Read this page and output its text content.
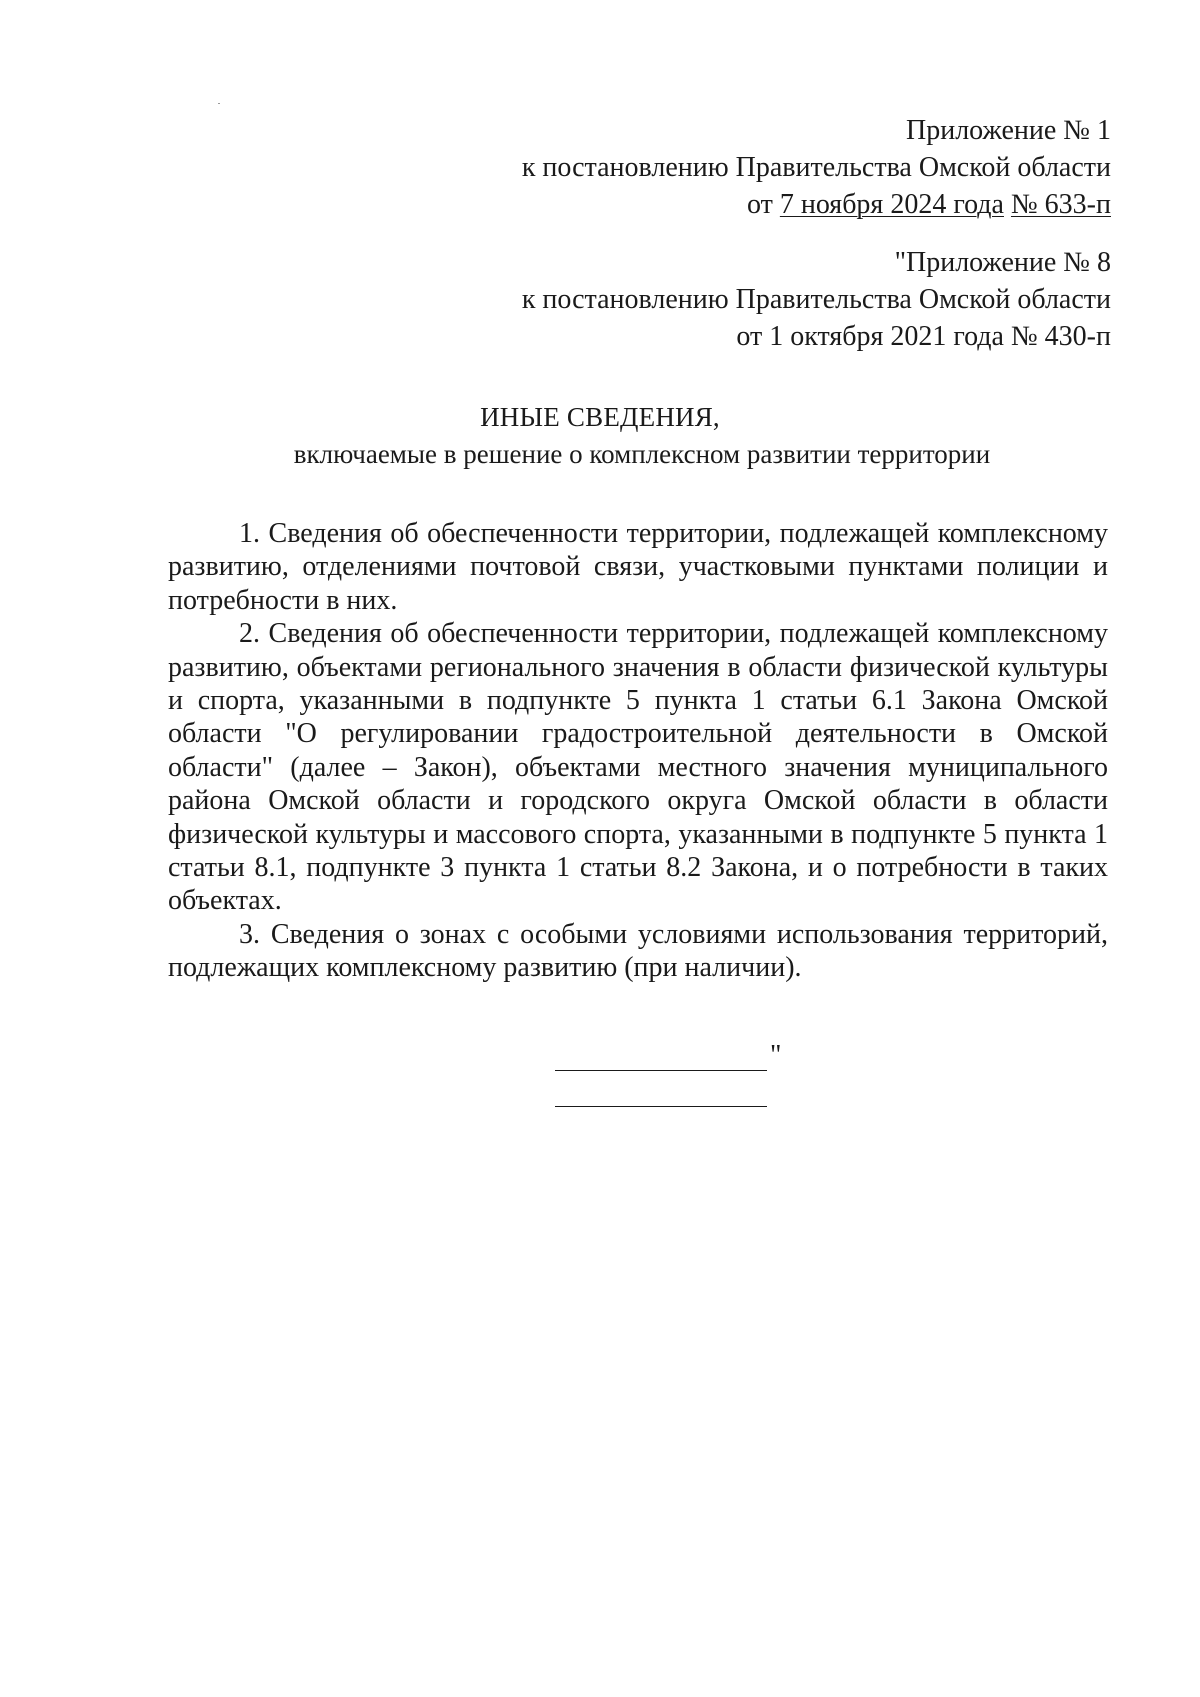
Приложение № 1
к постановлению Правительства Омской области
от 7 ноября 2024 года № 633-п
"Приложение № 8
к постановлению Правительства Омской области
от 1 октября 2021 года № 430-п
ИНЫЕ СВЕДЕНИЯ,
включаемые в решение о комплексном развитии территории

1. Сведения об обеспеченности территории, подлежащей комплексному развитию, отделениями почтовой связи, участковыми пунктами полиции и потребности в них.

2. Сведения об обеспеченности территории, подлежащей комплексному развитию, объектами регионального значения в области физической культуры и спорта, указанными в подпункте 5 пункта 1 статьи 6.1 Закона Омской области "О регулировании градостроительной деятельности в Омской области" (далее – Закон), объектами местного значения муниципального района Омской области и городского округа Омской области в области физической культуры и массового спорта, указанными в подпункте 5 пункта 1 статьи 8.1, подпункте 3 пункта 1 статьи 8.2 Закона, и о потребности в таких объектах.

3. Сведения о зонах с особыми условиями использования территорий, подлежащих комплексному развитию (при наличии).

"
